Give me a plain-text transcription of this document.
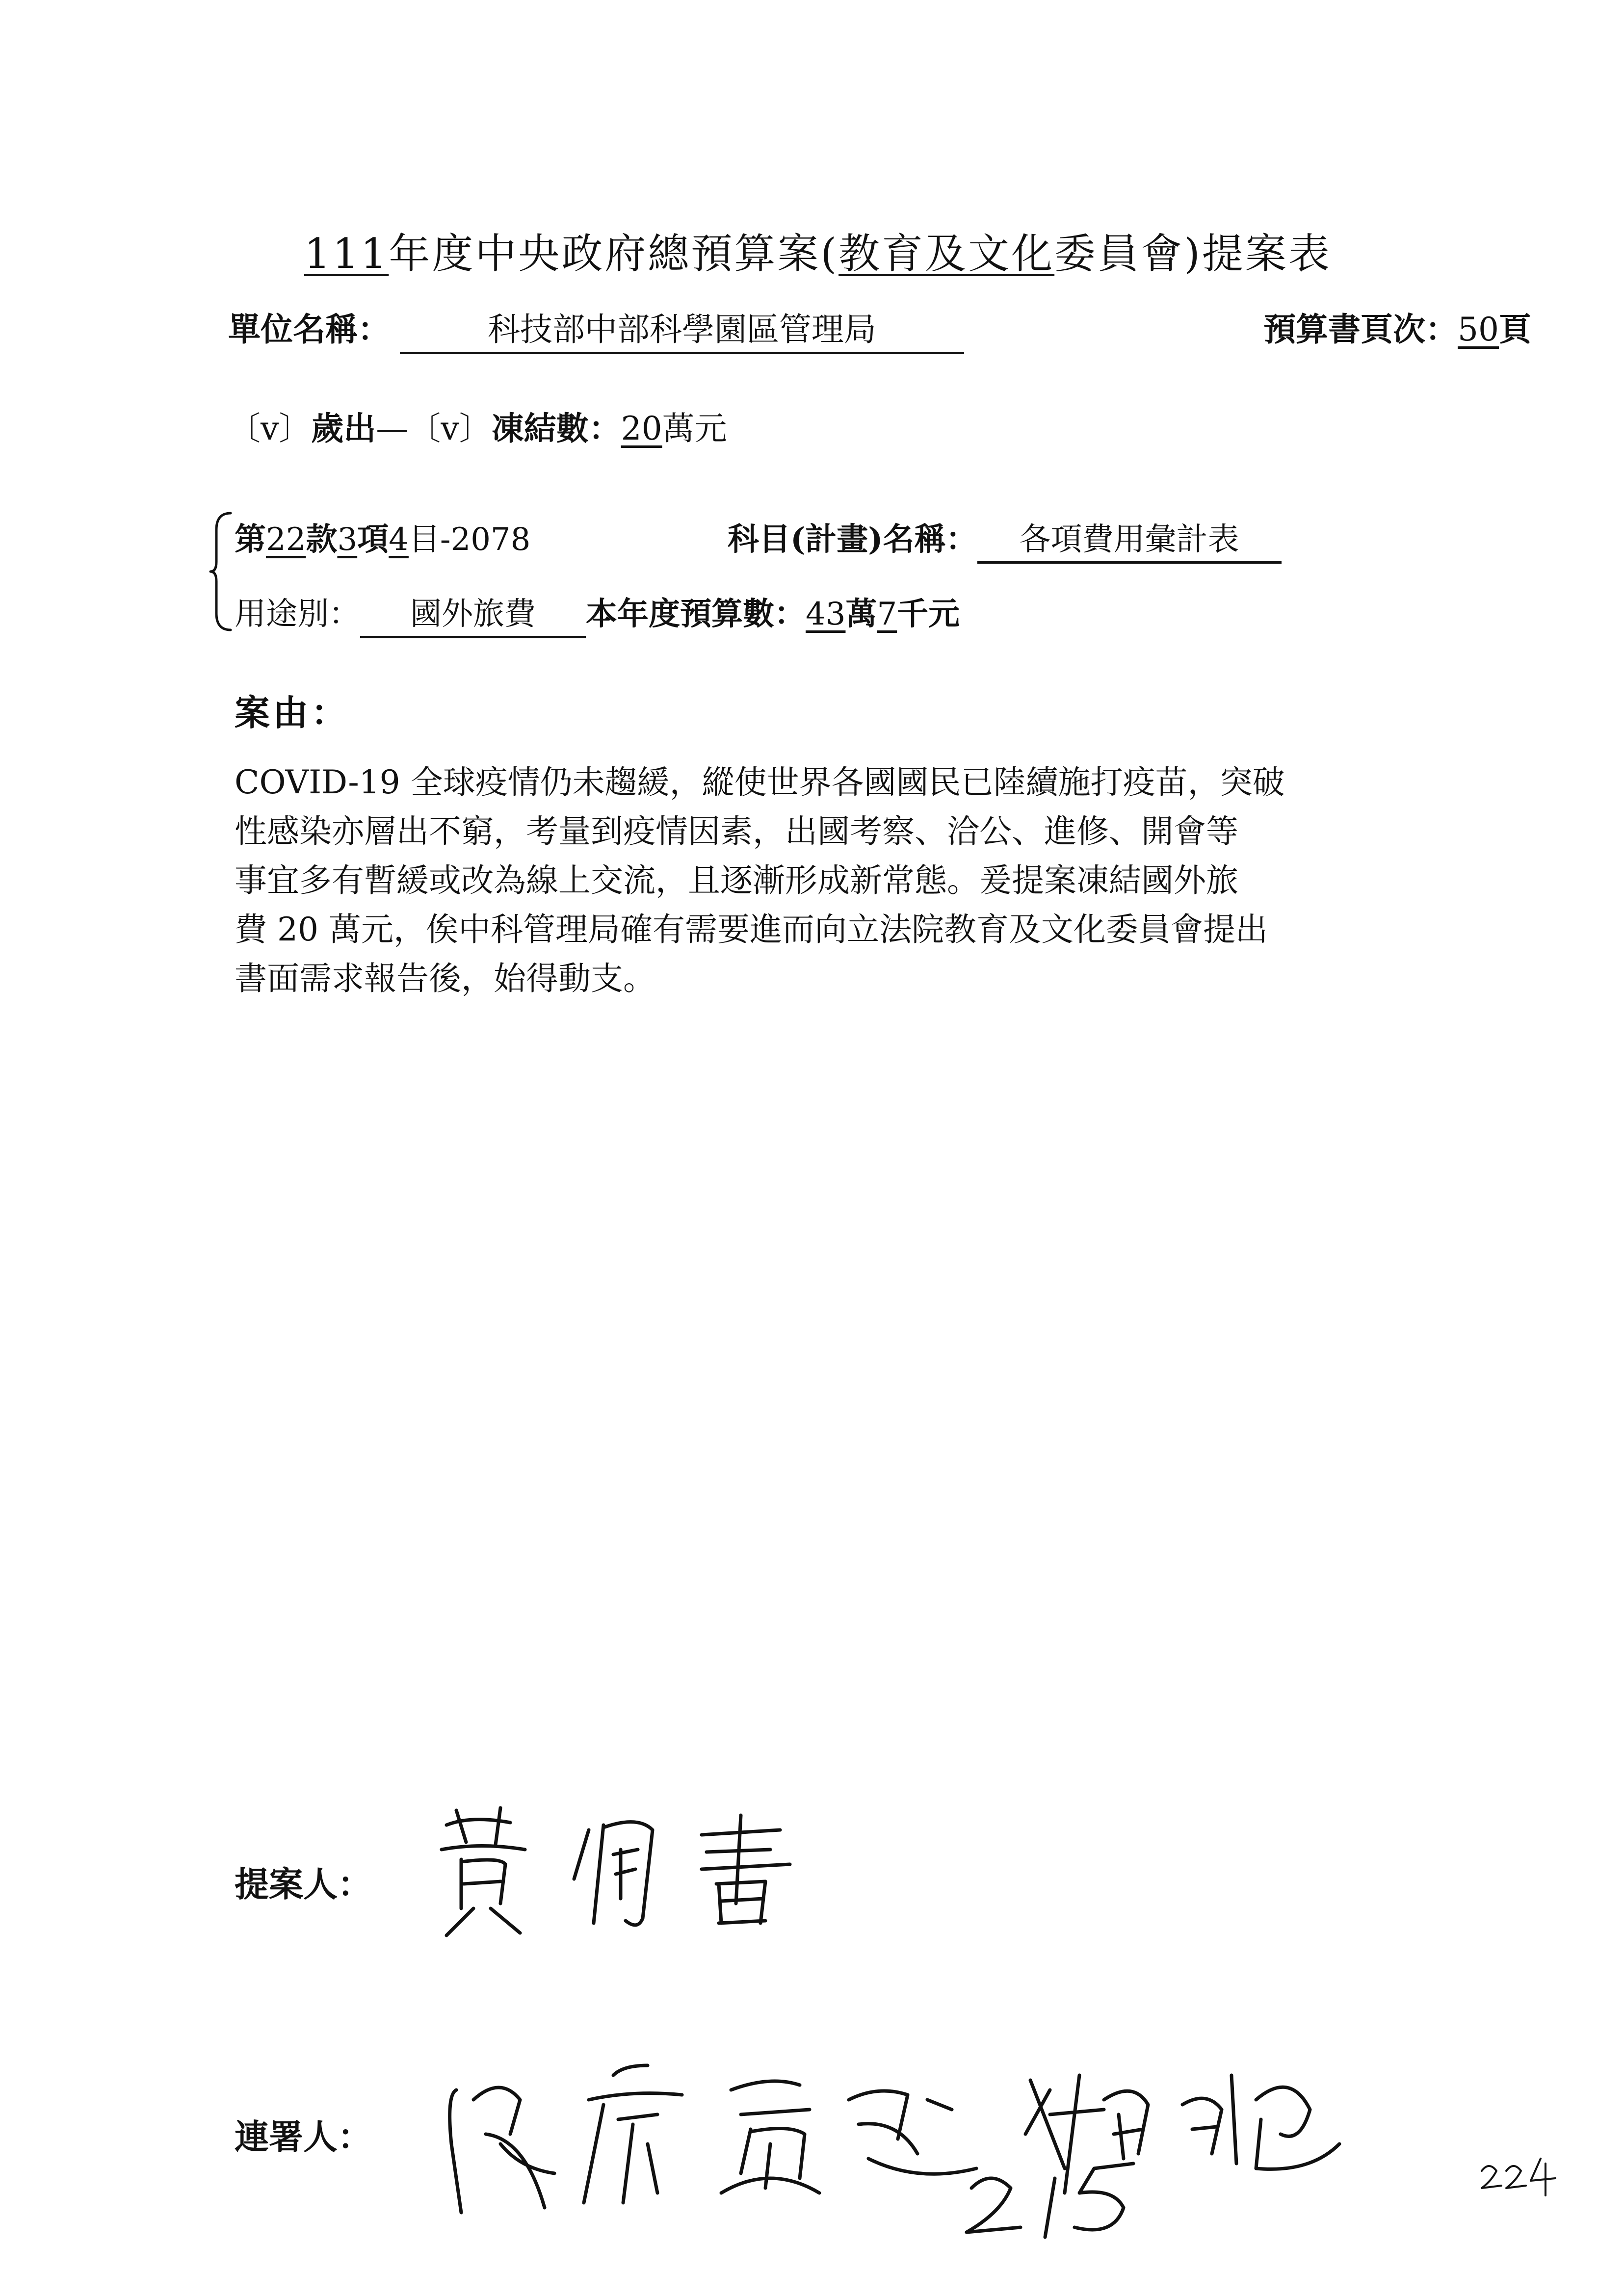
111年度中央政府總預算案(教育及文化委員會)提案表
單位名稱：	科技部中部科學園區管理局	預算書頁次：50頁
〔v〕歲出—〔v〕凍結數：20萬元
第22款3項4目-2078	科目(計畫)名稱： 各項費用彙計表
用途別： 國外旅費 本年度預算數：43萬7千元
案由：
COVID-19 全球疫情仍未趨緩，縱使世界各國國民已陸續施打疫苗，突破
性感染亦層出不窮，考量到疫情因素，出國考察、洽公、進修、開會等
事宜多有暫緩或改為線上交流，且逐漸形成新常態。爰提案凍結國外旅
費 20 萬元，俟中科管理局確有需要進而向立法院教育及文化委員會提出
書面需求報告後，始得動支。
提案人：
連署人：
